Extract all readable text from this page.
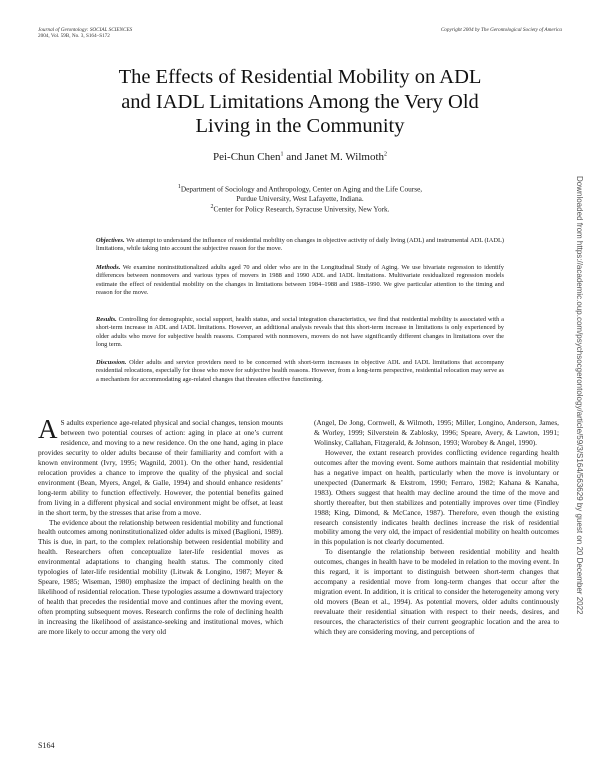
Journal of Gerontology: SOCIAL SCIENCES
2004, Vol. 59B, No. 3, S164–S172
Copyright 2004 by The Gerontological Society of America
The Effects of Residential Mobility on ADL
and IADL Limitations Among the Very Old
Living in the Community
Pei-Chun Chen$^1$ and Janet M. Wilmoth$^2$
$^1$Department of Sociology and Anthropology, Center on Aging and the Life Course,
Purdue University, West Lafayette, Indiana.
$^2$Center for Policy Research, Syracuse University, New York.
Objectives. We attempt to understand the influence of residential mobility on changes in objective activity of daily living (ADL) and instrumental ADL (IADL) limitations, while taking into account the subjective reason for the move.
Methods. We examine noninstitutionalized adults aged 70 and older who are in the Longitudinal Study of Aging. We use bivariate regression to identify differences between nonmovers and various types of movers in 1988 and 1990 ADL and IADL limitations. Multivariate residualized regression models estimate the effect of residential mobility on the changes in limitations between 1984–1988 and 1988–1990. We give particular attention to the timing and reason for the move.
Results. Controlling for demographic, social support, health status, and social integration characteristics, we find that residential mobility is associated with a short-term increase in ADL and IADL limitations. However, an additional analysis reveals that this short-term increase in limitations is only experienced by older adults who move for subjective health reasons. Compared with nonmovers, movers do not have significantly different changes in limitations over the long term.
Discussion. Older adults and service providers need to be concerned with short-term increases in objective ADL and IADL limitations that accompany residential relocations, especially for those who move for subjective health reasons. However, from a long-term perspective, residential relocation may serve as a mechanism for accommodating age-related changes that threaten effective functioning.

A S adults experience age-related physical and social changes, tension mounts between two potential courses of action: aging in place at one’s current residence, and moving to a new residence. On the one hand, aging in place provides security to older adults because of their familiarity and comfort with a known environment (Ivry, 1995; Wagnild, 2001). On the other hand, residential relocation provides a chance to improve the quality of the physical and social environment (Bean, Myers, Angel, & Galle, 1994) and should enhance residents’ long-term ability to function effectively. However, the potential benefits gained from living in a different physical and social environment might be offset, at least in the short term, by the stresses that arise from a move.

The evidence about the relationship between residential mobility and functional health outcomes among noninstitutionalized older adults is mixed (Baglioni, 1989). This is due, in part, to the complex relationship between residential mobility and health. Researchers often conceptualize later-life residential moves as environmental adaptations to changing health status. The commonly cited typologies of later-life residential mobility (Litwak & Longino, 1987; Meyer & Speare, 1985; Wiseman, 1980) emphasize the impact of declining health on the likelihood of residential relocation. These typologies assume a downward trajectory of health that precedes the residential move and continues after the moving event, often prompting subsequent moves. Research confirms the role of declining health in increasing the likelihood of assistance-seeking and institutional moves, which are more likely to occur among the very old

(Angel, De Jong, Cornwell, & Wilmoth, 1995; Miller, Longino, Anderson, James, & Worley, 1999; Silverstein & Zablosky, 1996; Speare, Avery, & Lawton, 1991; Wolinsky, Callahan, Fitzgerald, & Johnson, 1993; Worobey & Angel, 1990).

However, the extant research provides conflicting evidence regarding health outcomes after the moving event. Some authors maintain that residential mobility has a negative impact on health, particularly when the move is involuntary or unexpected (Danermark & Ekstrom, 1990; Ferraro, 1982; Kahana & Kanaha, 1983). Others suggest that health may decline around the time of the move and shortly thereafter, but then stabilizes and potentially improves over time (Findley 1988; King, Dimond, & McCance, 1987). Therefore, even though the existing research consistently indicates health declines increase the risk of residential mobility among the very old, the impact of residential mobility on health outcomes in this population is not clearly documented.

To disentangle the relationship between residential mobility and health outcomes, changes in health have to be modeled in relation to the moving event. In this regard, it is important to distinguish between short-term changes that accompany a residential move from long-term changes that occur after the migration event. In addition, it is critical to consider the heterogeneity among very old movers (Bean et al., 1994). As potential movers, older adults continuously reevaluate their residential situation with respect to their needs, desires, and resources, the characteristics of their current geographic location and the area to which they are considering moving, and perceptions of

S164
Downloaded from https://academic.oup.com/psychsocgerontology/article/59/3/S164/563629 by guest on 20 December 2022
